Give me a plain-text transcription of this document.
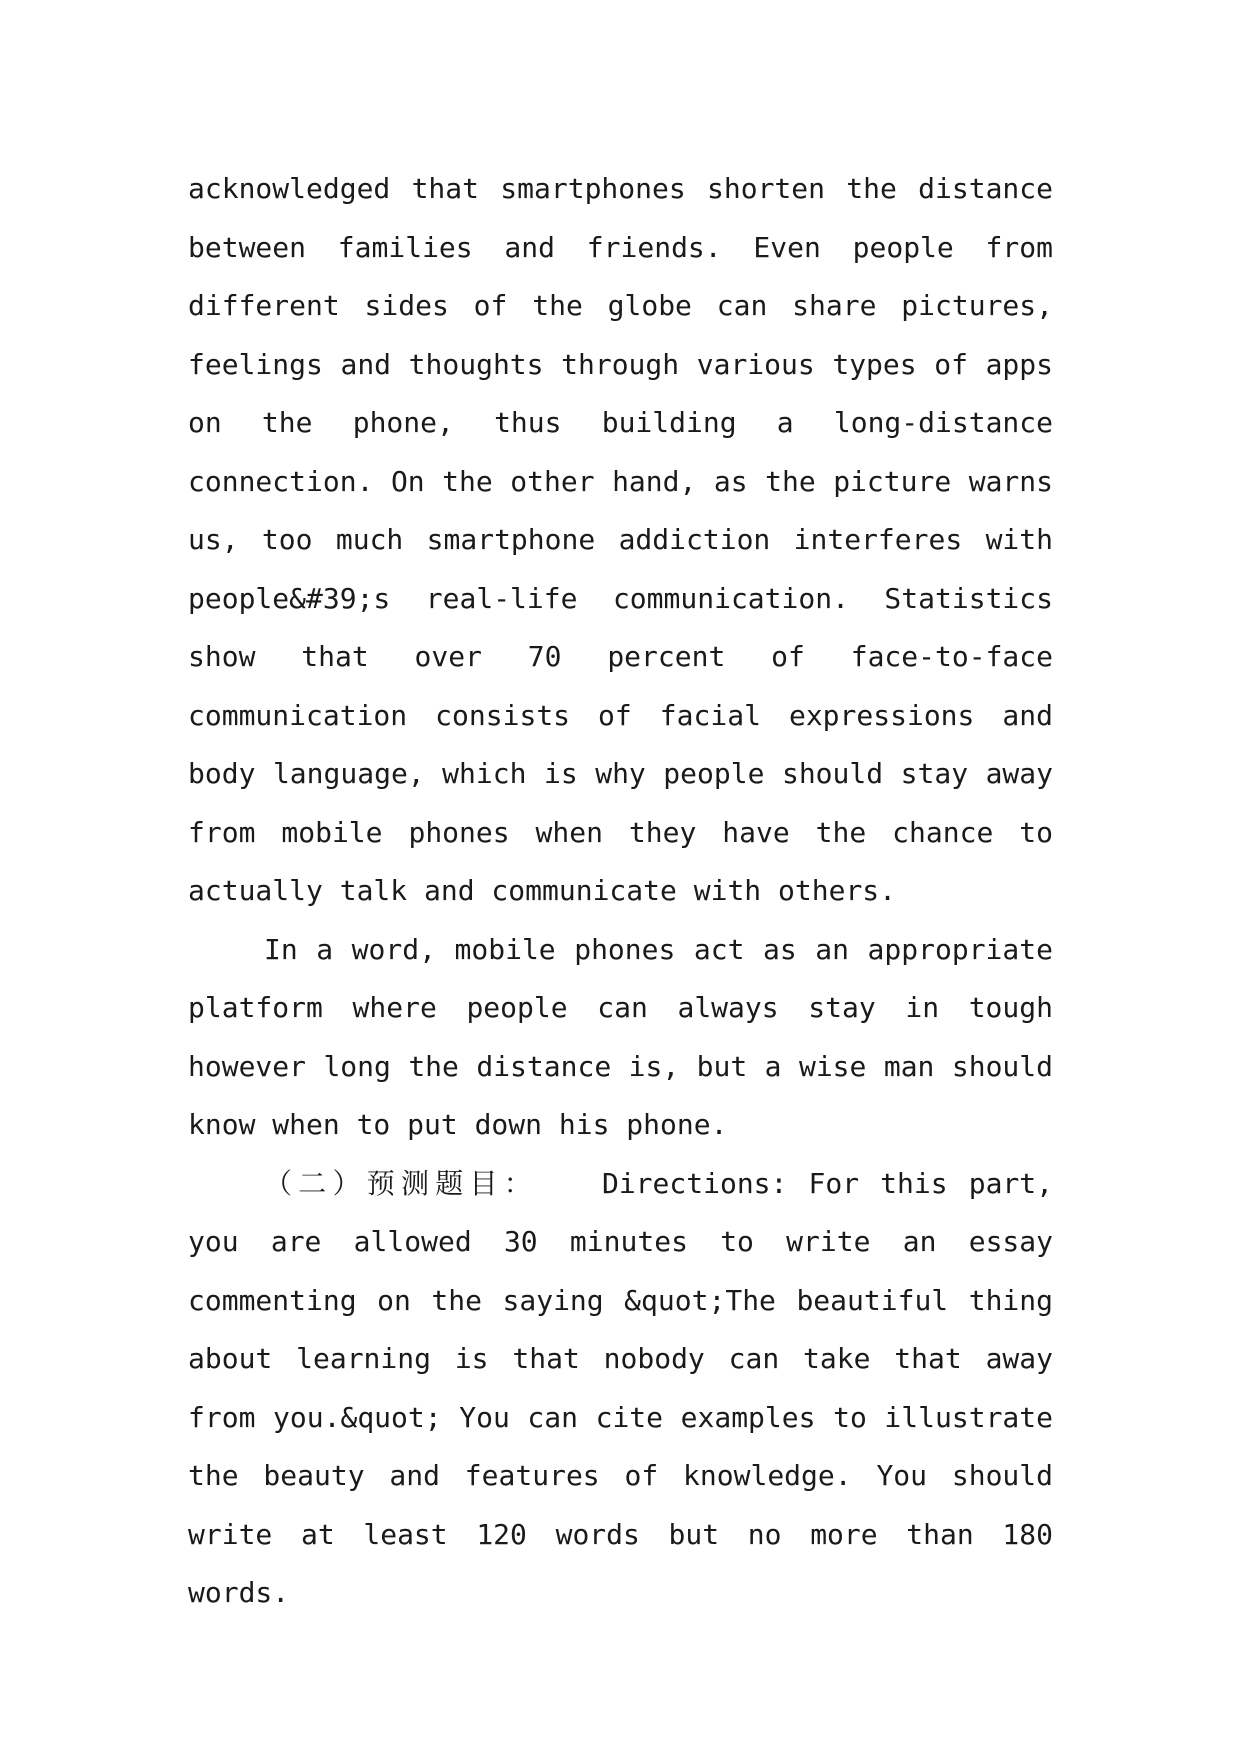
acknowledged that smartphones shorten the distance between families and friends. Even people from different sides of the globe can share pictures, feelings and thoughts through various types of apps on the phone, thus building a long-distance connection. On the other hand, as the picture warns us, too much smartphone addiction interferes with people&#39;s real-life communication. Statistics show that over 70 percent of face-to-face communication consists of facial expressions and body language, which is why people should stay away from mobile phones when they have the chance to actually talk and communicate with others.

In a word, mobile phones act as an appropriate platform where people can always stay in tough however long the distance is, but a wise man should know when to put down his phone.

（二）预测题目： Directions: For this part, you are allowed 30 minutes to write an essay commenting on the saying &quot;The beautiful thing about learning is that nobody can take that away from you.&quot; You can cite examples to illustrate the beauty and features of knowledge. You should write at least 120 words but no more than 180 words.
